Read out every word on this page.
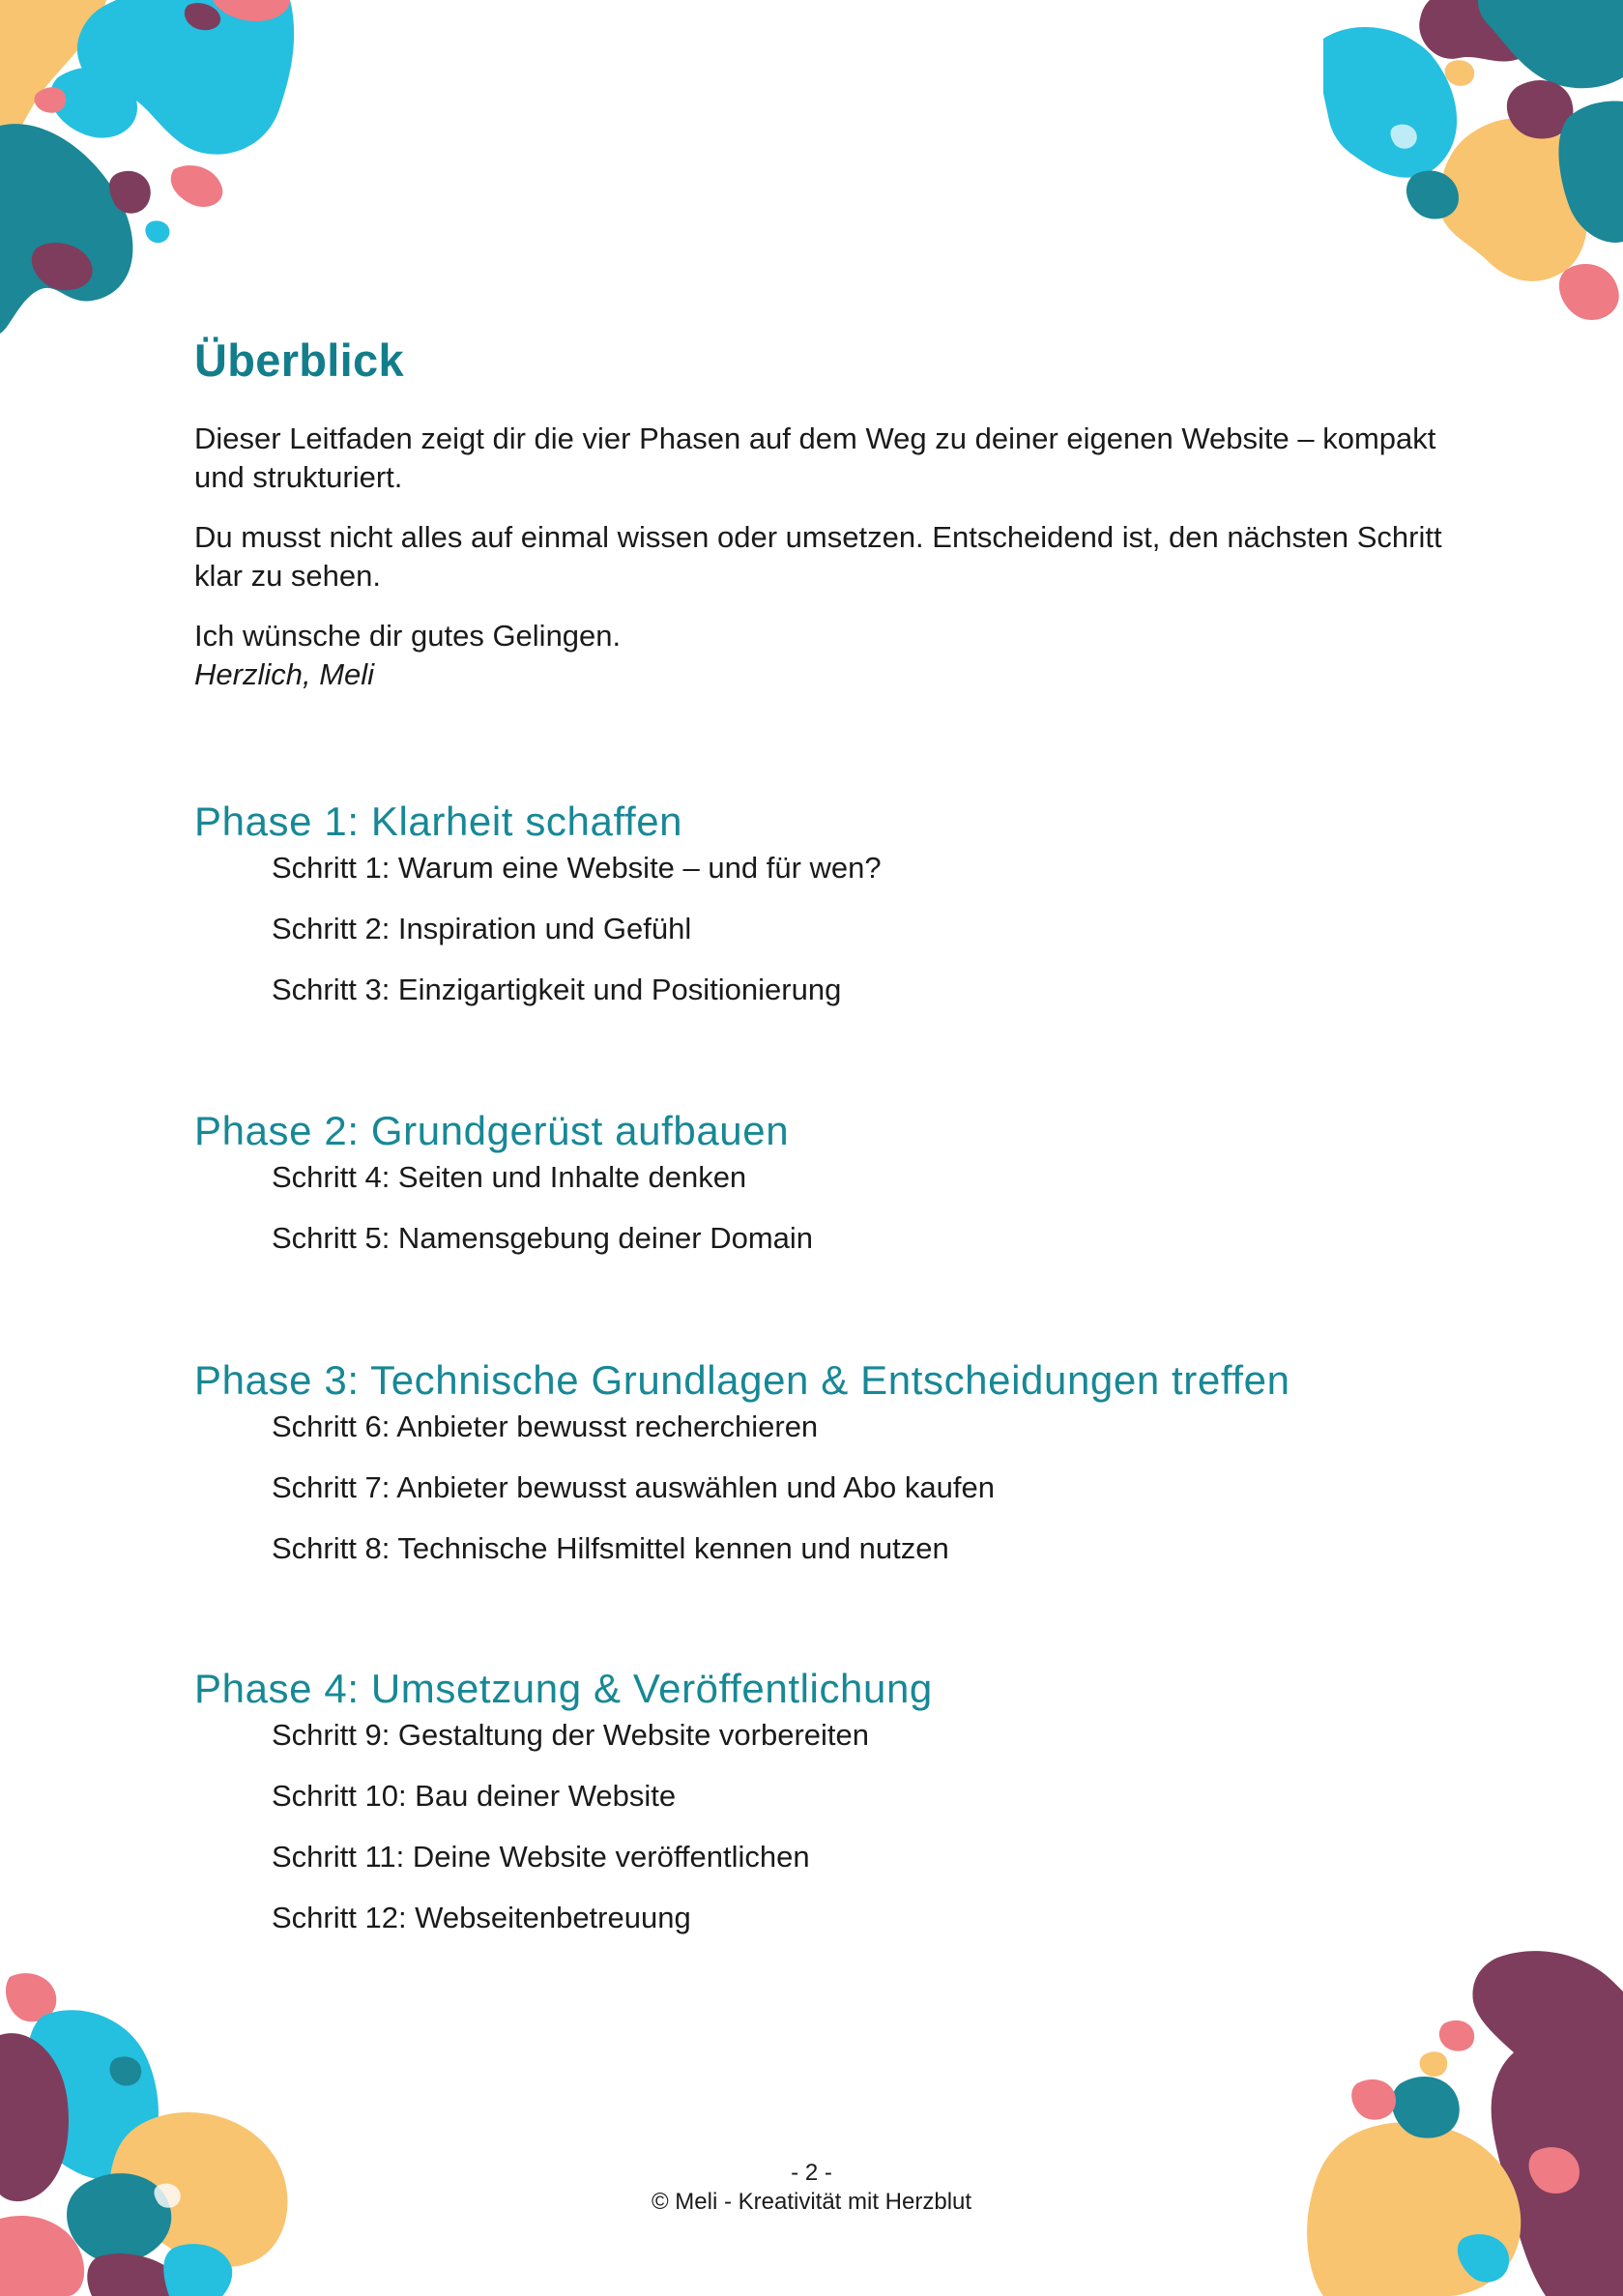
Überblick

Dieser Leitfaden zeigt dir die vier Phasen auf dem Weg zu deiner eigenen Website – kompakt und strukturiert.

Du musst nicht alles auf einmal wissen oder umsetzen. Entscheidend ist, den nächsten Schritt klar zu sehen.

Ich wünsche dir gutes Gelingen.

Herzlich, Meli

Phase 1: Klarheit schaffen
Schritt 1: Warum eine Website – und für wen?
Schritt 2: Inspiration und Gefühl
Schritt 3: Einzigartigkeit und Positionierung
Phase 2: Grundgerüst aufbauen
Schritt 4: Seiten und Inhalte denken
Schritt 5: Namensgebung deiner Domain
Phase 3: Technische Grundlagen & Entscheidungen treffen
Schritt 6: Anbieter bewusst recherchieren
Schritt 7: Anbieter bewusst auswählen und Abo kaufen
Schritt 8: Technische Hilfsmittel kennen und nutzen
Phase 4: Umsetzung & Veröffentlichung
Schritt 9: Gestaltung der Website vorbereiten
Schritt 10: Bau deiner Website
Schritt 11: Deine Website veröffentlichen
Schritt 12: Webseitenbetreuung
- 2 -
© Meli - Kreativität mit Herzblut
